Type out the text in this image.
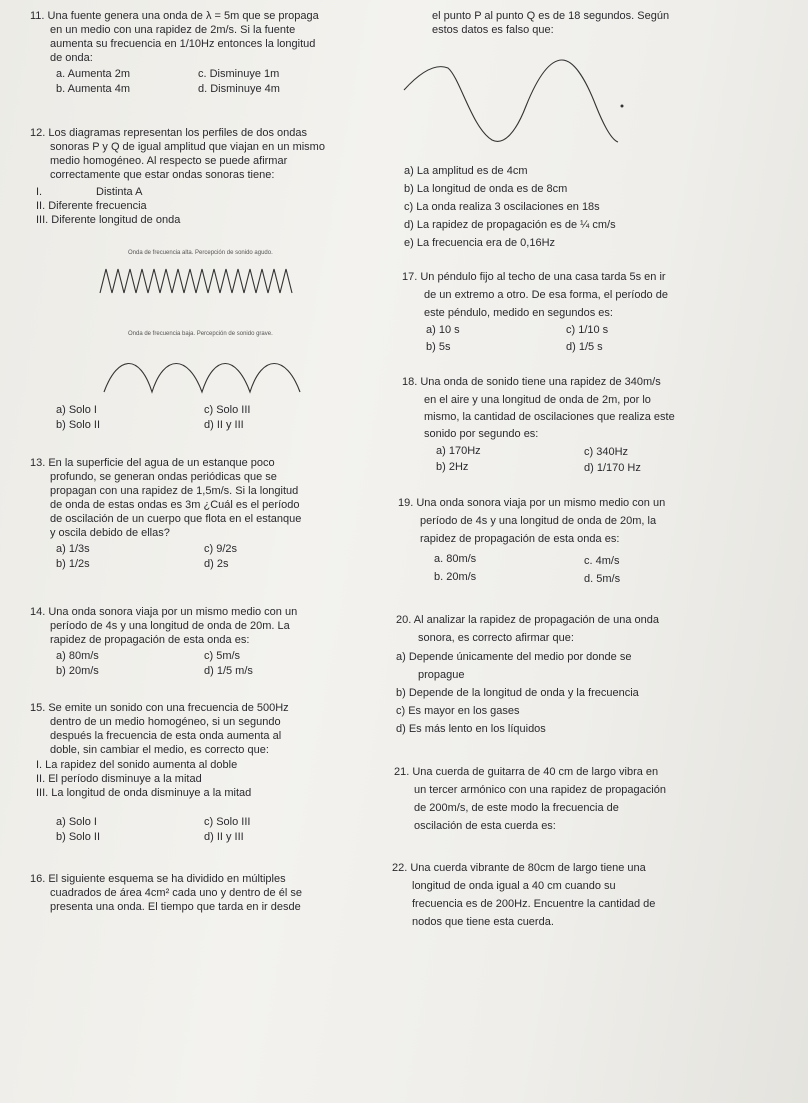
11. Una fuente genera una onda de λ = 5m que se propaga
en un medio con una rapidez de 2m/s. Si la fuente
aumenta su frecuencia en 1/10Hz entonces la longitud
de onda:
a. Aumenta 2m
b. Aumenta 4m
c. Disminuye 1m
d. Disminuye 4m
12. Los diagramas representan los perfiles de dos ondas
sonoras P y Q de igual amplitud que viajan en un mismo
medio homogéneo. Al respecto se puede afirmar
correctamente que estar ondas sonoras tiene:
I.	Distinta A
II. Diferente frecuencia
III. Diferente longitud de onda
Onda de frecuencia alta. Percepción de sonido agudo.
Onda de frecuencia baja. Percepción de sonido grave.
a) Solo I
b) Solo II
c) Solo III
d) II y III
13. En la superficie del agua de un estanque poco
profundo, se generan ondas periódicas que se
propagan con una rapidez de 1,5m/s. Si la longitud
de onda de estas ondas es 3m ¿Cuál es el período
de oscilación de un cuerpo que flota en el estanque
y oscila debido de ellas?
a) 1/3s
b) 1/2s
c) 9/2s
d) 2s
14. Una onda sonora viaja por un mismo medio con un
período de 4s y una longitud de onda de 20m. La
rapidez de propagación de esta onda es:
a) 80m/s
b) 20m/s
c) 5m/s
d) 1/5 m/s
15. Se emite un sonido con una frecuencia de 500Hz
dentro de un medio homogéneo, si un segundo
después la frecuencia de esta onda aumenta al
doble, sin cambiar el medio, es correcto que:
I. La rapidez del sonido aumenta al doble
II. El período disminuye a la mitad
III. La longitud de onda disminuye a la mitad
a) Solo I
b) Solo II
c) Solo III
d) II y III
16. El siguiente esquema se ha dividido en múltiples
cuadrados de área 4cm² cada uno y dentro de él se
presenta una onda. El tiempo que tarda en ir desde
el punto P al punto Q es de 18 segundos. Según
estos datos es falso que:
a) La amplitud es de 4cm
b) La longitud de onda es de 8cm
c) La onda realiza 3 oscilaciones en 18s
d) La rapidez de propagación es de ¼ cm/s
e) La frecuencia era de 0,16Hz
17. Un péndulo fijo al techo de una casa tarda 5s en ir
de un extremo a otro. De esa forma, el período de
este péndulo, medido en segundos es:
a) 10 s
b) 5s
c) 1/10 s
d) 1/5 s
18. Una onda de sonido tiene una rapidez de 340m/s
en el aire y una longitud de onda de 2m, por lo
mismo, la cantidad de oscilaciones que realiza este
sonido por segundo es:
a) 170Hz
b) 2Hz
c) 340Hz
d) 1/170 Hz
19. Una onda sonora viaja por un mismo medio con un
período de 4s y una longitud de onda de 20m, la
rapidez de propagación de esta onda es:
a. 80m/s
b. 20m/s
c. 4m/s
d. 5m/s
20. Al analizar la rapidez de propagación de una onda
sonora, es correcto afirmar que:
a) Depende únicamente del medio por donde se
propague
b) Depende de la longitud de onda y la frecuencia
c) Es mayor en los gases
d) Es más lento en los líquidos
21. Una cuerda de guitarra de 40 cm de largo vibra en
un tercer armónico con una rapidez de propagación
de 200m/s, de este modo la frecuencia de
oscilación de esta cuerda es:
22. Una cuerda vibrante de 80cm de largo tiene una
longitud de onda igual a 40 cm cuando su
frecuencia es de 200Hz. Encuentre la cantidad de
nodos que tiene esta cuerda.
